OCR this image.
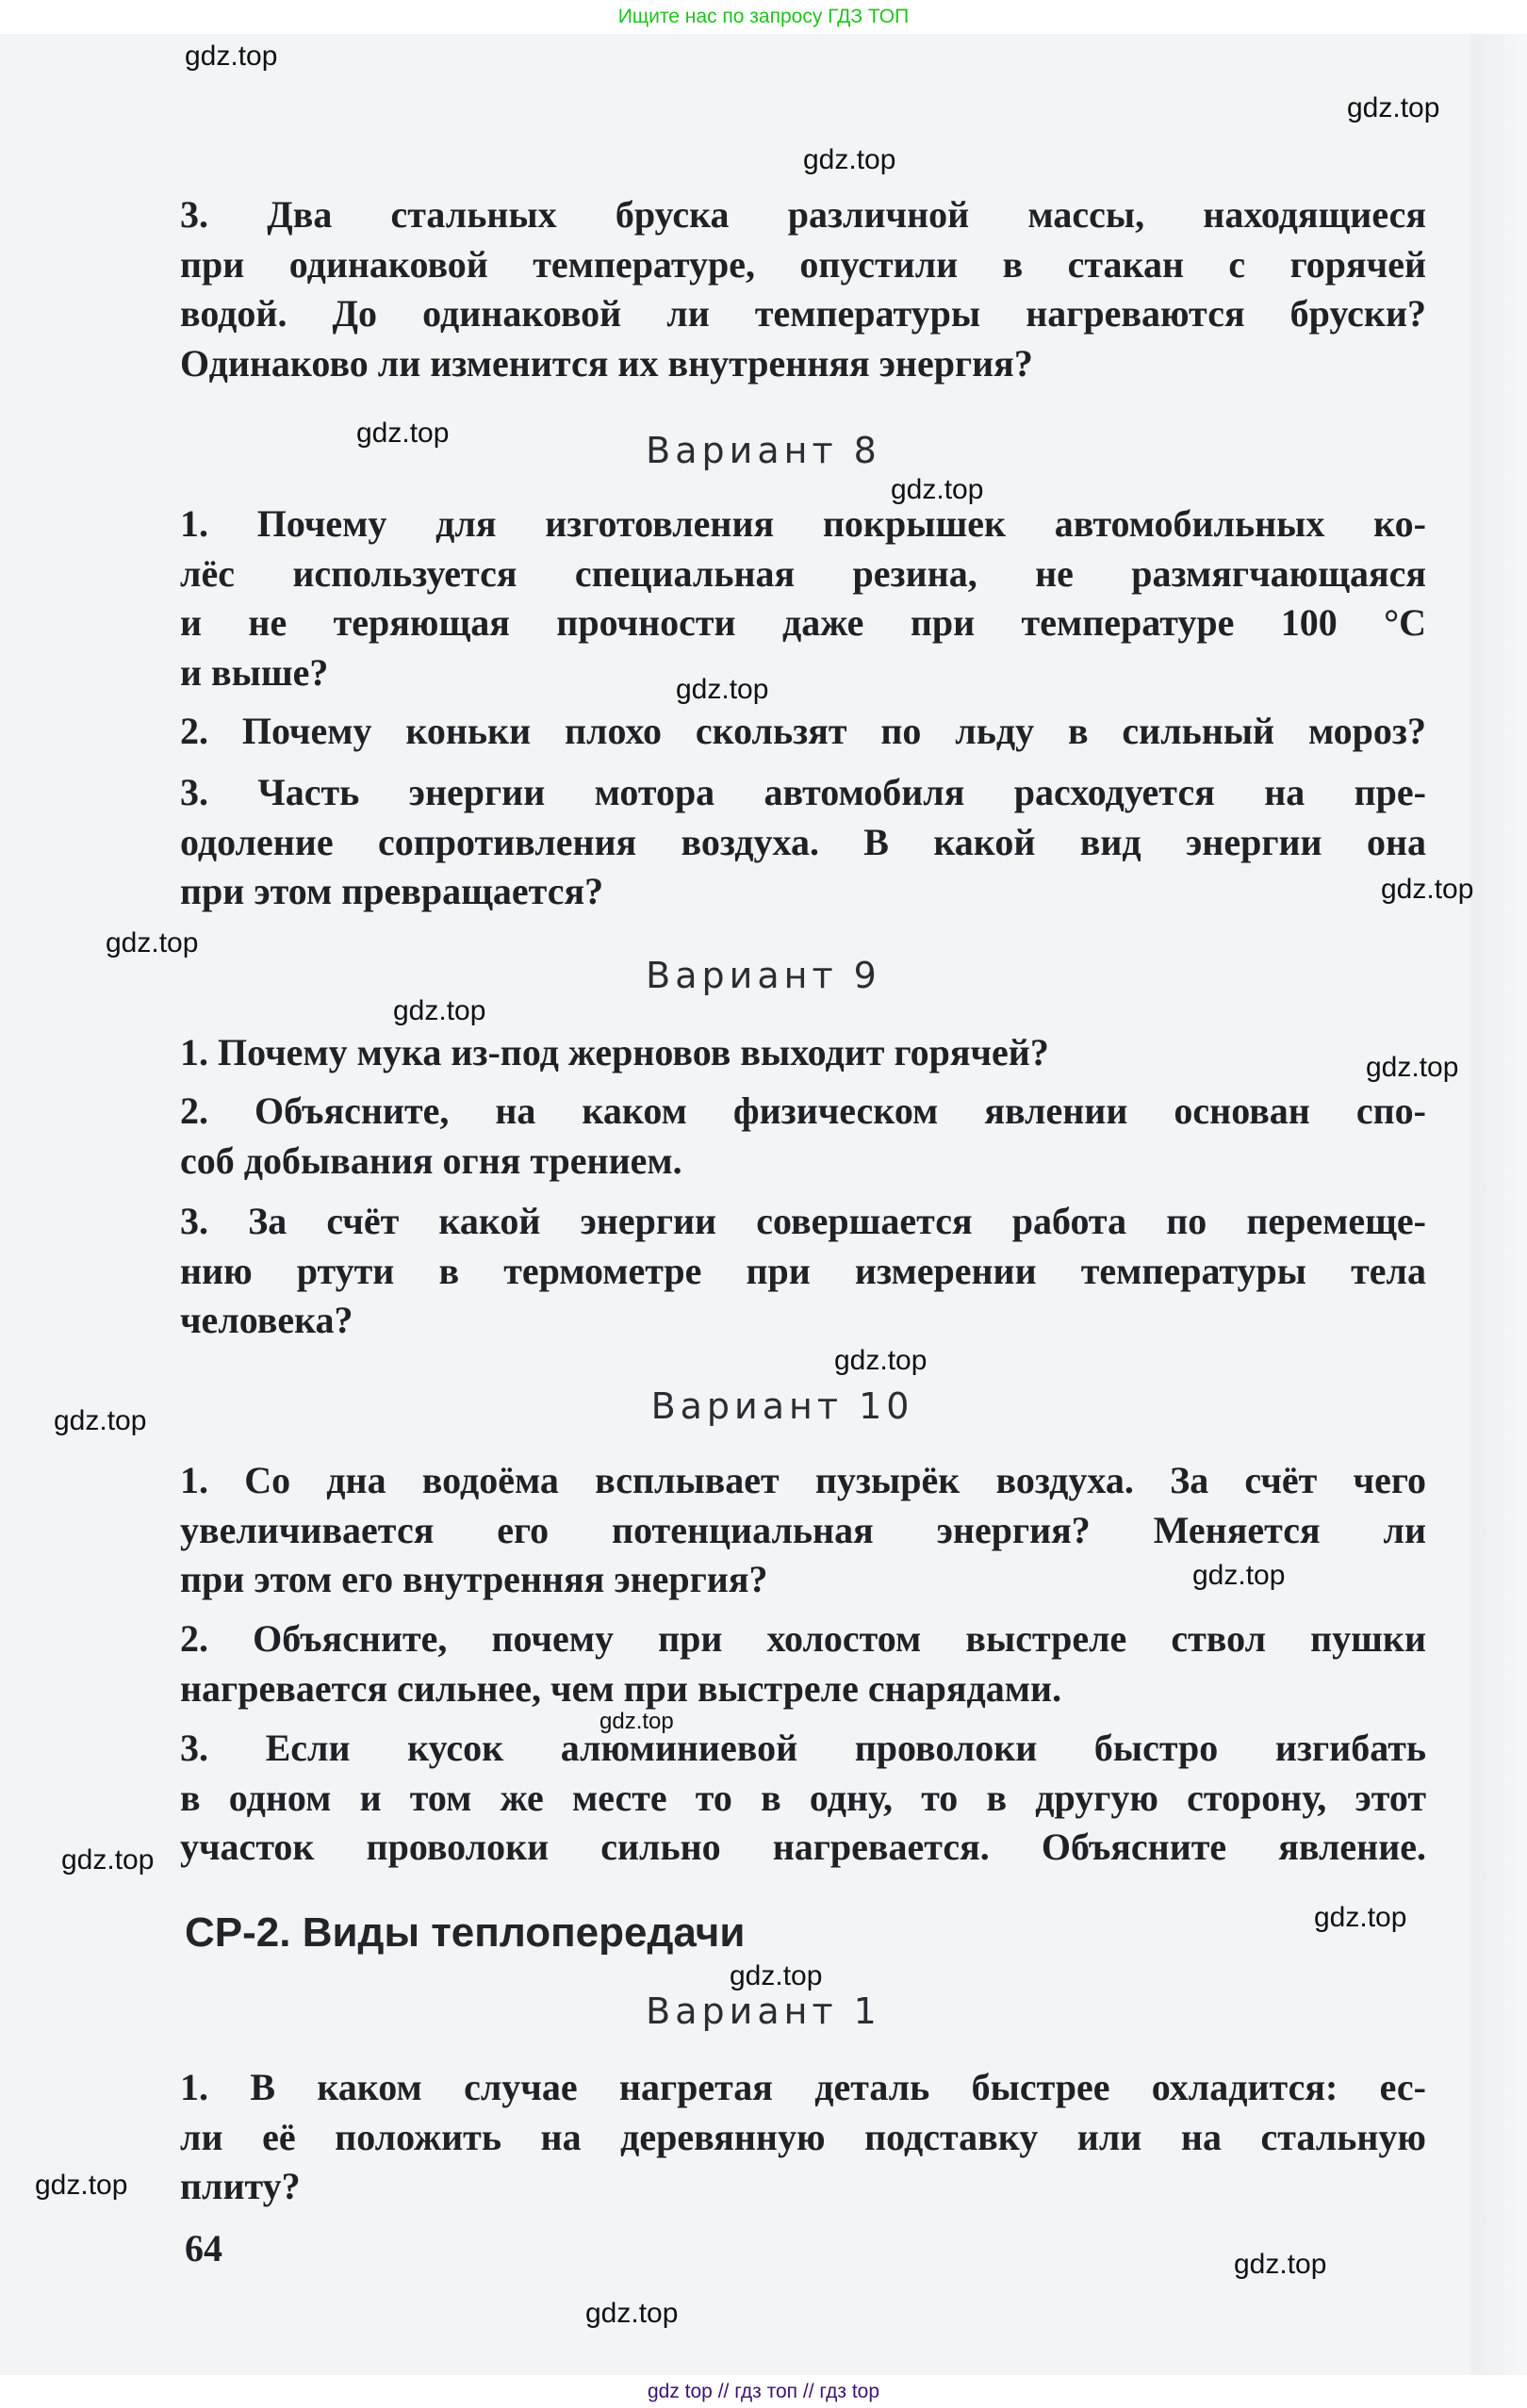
Ищите нас по запросу ГДЗ ТОП
3. Два стальных бруска различной массы, находящиеся
при одинаковой температуре, опустили в стакан с горячей
водой. До одинаковой ли температуры нагреваются бруски?
Одинаково ли изменится их внутренняя энергия?
Вариант 8
1. Почему для изготовления покрышек автомобильных ко-
лёс используется специальная резина, не размягчающаяся
и не теряющая прочности даже при температуре 100 °С
и выше?
2. Почему коньки плохо скользят по льду в сильный мороз?
3. Часть энергии мотора автомобиля расходуется на пре-
одоление сопротивления воздуха. В какой вид энергии она
при этом превращается?
Вариант 9
1. Почему мука из-под жерновов выходит горячей?
2. Объясните, на каком физическом явлении основан спо-
соб добывания огня трением.
3. За счёт какой энергии совершается работа по перемеще-
нию ртути в термометре при измерении температуры тела
человека?
Вариант 10
1. Со дна водоёма всплывает пузырёк воздуха. За счёт чего
увеличивается его потенциальная энергия? Меняется ли
при этом его внутренняя энергия?
2. Объясните, почему при холостом выстреле ствол пушки
нагревается сильнее, чем при выстреле снарядами.
3. Если кусок алюминиевой проволоки быстро изгибать
в одном и том же месте то в одну, то в другую сторону, этот
участок проволоки сильно нагревается. Объясните явление.
СР-2. Виды теплопередачи
Вариант 1
1. В каком случае нагретая деталь быстрее охладится: ес-
ли её положить на деревянную подставку или на стальную
плиту?
64
gdz.top
gdz.top
gdz.top
gdz.top
gdz.top
gdz.top
gdz.top
gdz.top
gdz.top
gdz.top
gdz.top
gdz.top
gdz.top
gdz.top
gdz.top
gdz.top
gdz.top
gdz.top
gdz.top
gdz.top
gdz top // гдз топ // гдз top
